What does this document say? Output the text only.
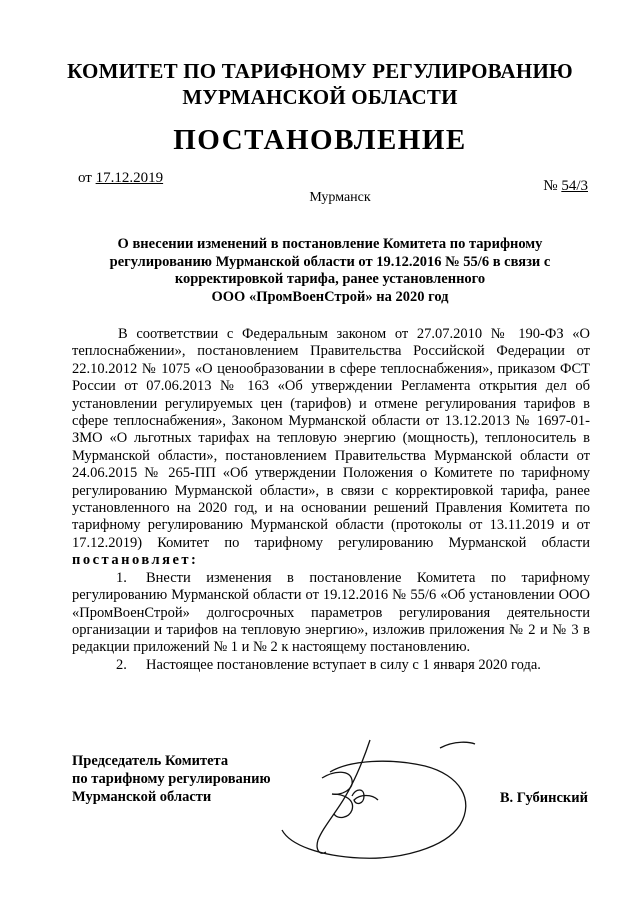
КОМИТЕТ ПО ТАРИФНОМУ РЕГУЛИРОВАНИЮ
МУРМАНСКОЙ ОБЛАСТИ
ПОСТАНОВЛЕНИЕ
от 17.12.2019
Мурманск
№ 54/3
О внесении изменений в постановление Комитета по тарифному
регулированию Мурманской области от 19.12.2016 № 55/6 в связи с
корректировкой тарифа, ранее установленного
ООО «ПромВоенСтрой» на 2020 год

В соответствии с Федеральным законом от 27.07.2010 № 190-ФЗ «О теплоснабжении», постановлением Правительства Российской Федерации от 22.10.2012 № 1075 «О ценообразовании в сфере теплоснабжения», приказом ФСТ России от 07.06.2013 № 163 «Об утверждении Регламента открытия дел об установлении регулируемых цен (тарифов) и отмене регулирования тарифов в сфере теплоснабжения», Законом Мурманской области от 13.12.2013 № 1697-01-ЗМО «О льготных тарифах на тепловую энергию (мощность), теплоноситель в Мурманской области», постановлением Правительства Мурманской области от 24.06.2015 № 265-ПП «Об утверждении Положения о Комитете по тарифному регулированию Мурманской области», в связи с корректировкой тарифа, ранее установленного на 2020 год, и на основании решений Правления Комитета по тарифному регулированию Мурманской области (протоколы от 13.11.2019 и от 17.12.2019) Комитет по тарифному регулированию Мурманской области постановляет:

1. Внести изменения в постановление Комитета по тарифному регулированию Мурманской области от 19.12.2016 № 55/6 «Об установлении ООО «ПромВоенСтрой» долгосрочных параметров регулирования деятельности организации и тарифов на тепловую энергию», изложив приложения № 2 и № 3 в редакции приложений № 1 и № 2 к настоящему постановлению.

2. Настоящее постановление вступает в силу с 1 января 2020 года.

Председатель Комитета
по тарифному регулированию
Мурманской области	В. Губинский
